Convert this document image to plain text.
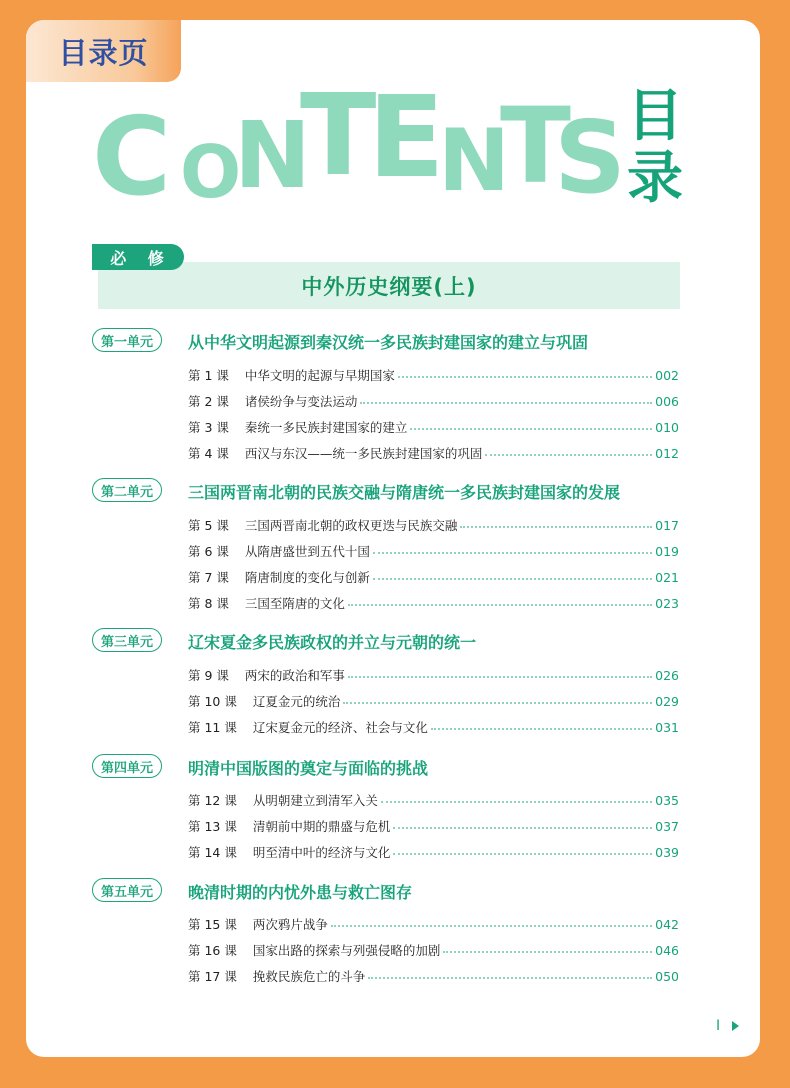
目录页
C O
N
T
E
N
T
S 目
录
中外历史纲要(上)
必 修
第一单元	从中华文明起源到秦汉统一多民族封建国家的建立与巩固
第 1 课 中华文明的起源与早期国家	002
第 2 课 诸侯纷争与变法运动	006
第 3 课 秦统一多民族封建国家的建立	010
第 4 课 西汉与东汉——统一多民族封建国家的巩固	012
第二单元	三国两晋南北朝的民族交融与隋唐统一多民族封建国家的发展
第 5 课 三国两晋南北朝的政权更迭与民族交融	017
第 6 课 从隋唐盛世到五代十国	019
第 7 课 隋唐制度的变化与创新	021
第 8 课 三国至隋唐的文化	023
第三单元	辽宋夏金多民族政权的并立与元朝的统一
第 9 课 两宋的政治和军事	026
第 10 课 辽夏金元的统治	029
第 11 课 辽宋夏金元的经济、社会与文化	031
第四单元	明清中国版图的奠定与面临的挑战
第 12 课 从明朝建立到清军入关	035
第 13 课 清朝前中期的鼎盛与危机	037
第 14 课 明至清中叶的经济与文化	039
第五单元	晚清时期的内忧外患与救亡图存
第 15 课 两次鸦片战争	042
第 16 课 国家出路的探索与列强侵略的加剧	046
第 17 课 挽救民族危亡的斗争	050
I
